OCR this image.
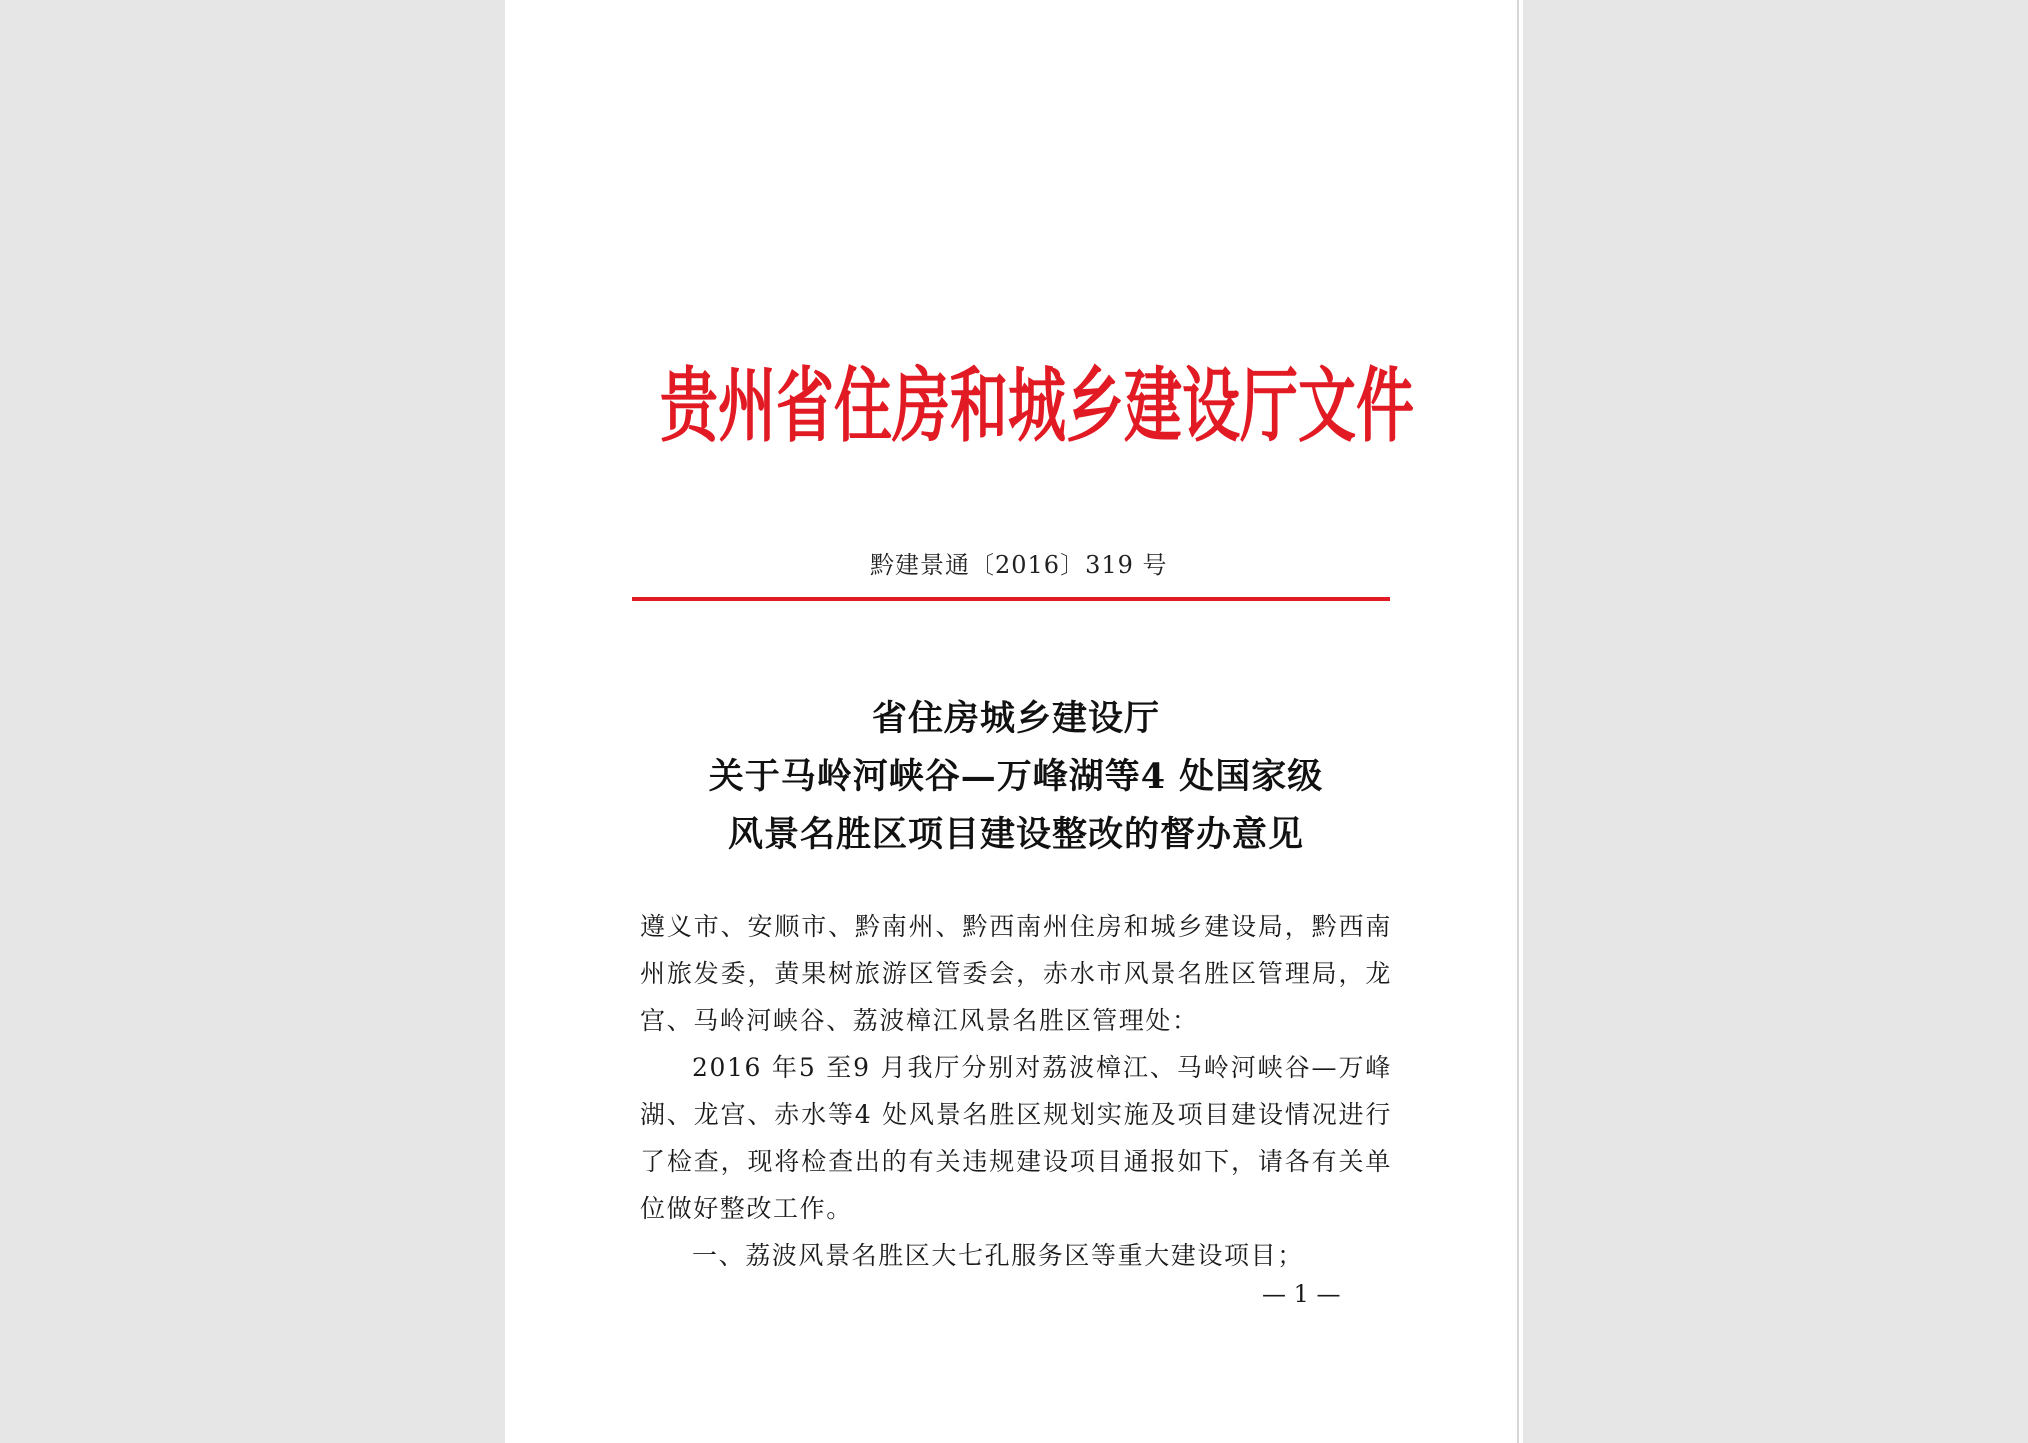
贵州省住房和城乡建设厅文件
黔建景通〔2016〕319 号
省住房城乡建设厅
关于马岭河峡谷—万峰湖等4 处国家级
风景名胜区项目建设整改的督办意见

遵义市、安顺市、黔南州、黔西南州住房和城乡建设局，黔西南州旅发委，黄果树旅游区管委会，赤水市风景名胜区管理局，龙宫、马岭河峡谷、荔波樟江风景名胜区管理处：

2016 年5 至9 月我厅分别对荔波樟江、马岭河峡谷—万峰湖、龙宫、赤水等4 处风景名胜区规划实施及项目建设情况进行了检查，现将检查出的有关违规建设项目通报如下，请各有关单位做好整改工作。

一、荔波风景名胜区大七孔服务区等重大建设项目；

— 1 —
